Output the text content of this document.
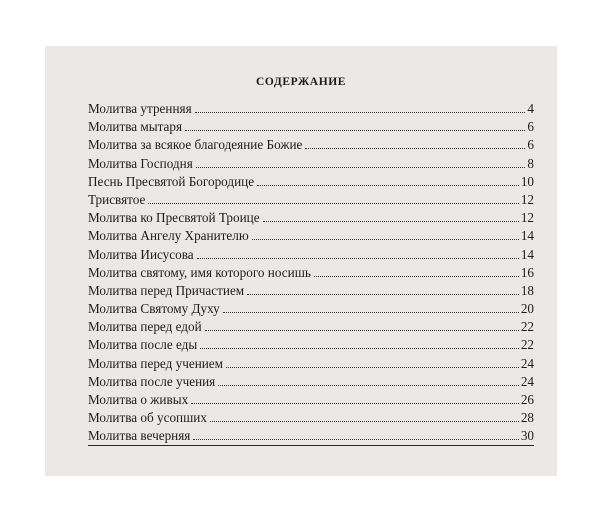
СОДЕРЖАНИЕ
Молитва утренняя	4
Молитва мытаря	6
Молитва за всякое благодеяние Божие	6
Молитва Господня	8
Песнь Пресвятой Богородице	10
Трисвятое	12
Молитва ко Пресвятой Троице	12
Молитва Ангелу Хранителю	14
Молитва Иисусова	14
Молитва святому, имя которого носишь	16
Молитва перед Причастием	18
Молитва Святому Духу	20
Молитва перед едой	22
Молитва после еды	22
Молитва перед учением	24
Молитва после учения	24
Молитва о живых	26
Молитва об усопших	28
Молитва вечерняя	30
